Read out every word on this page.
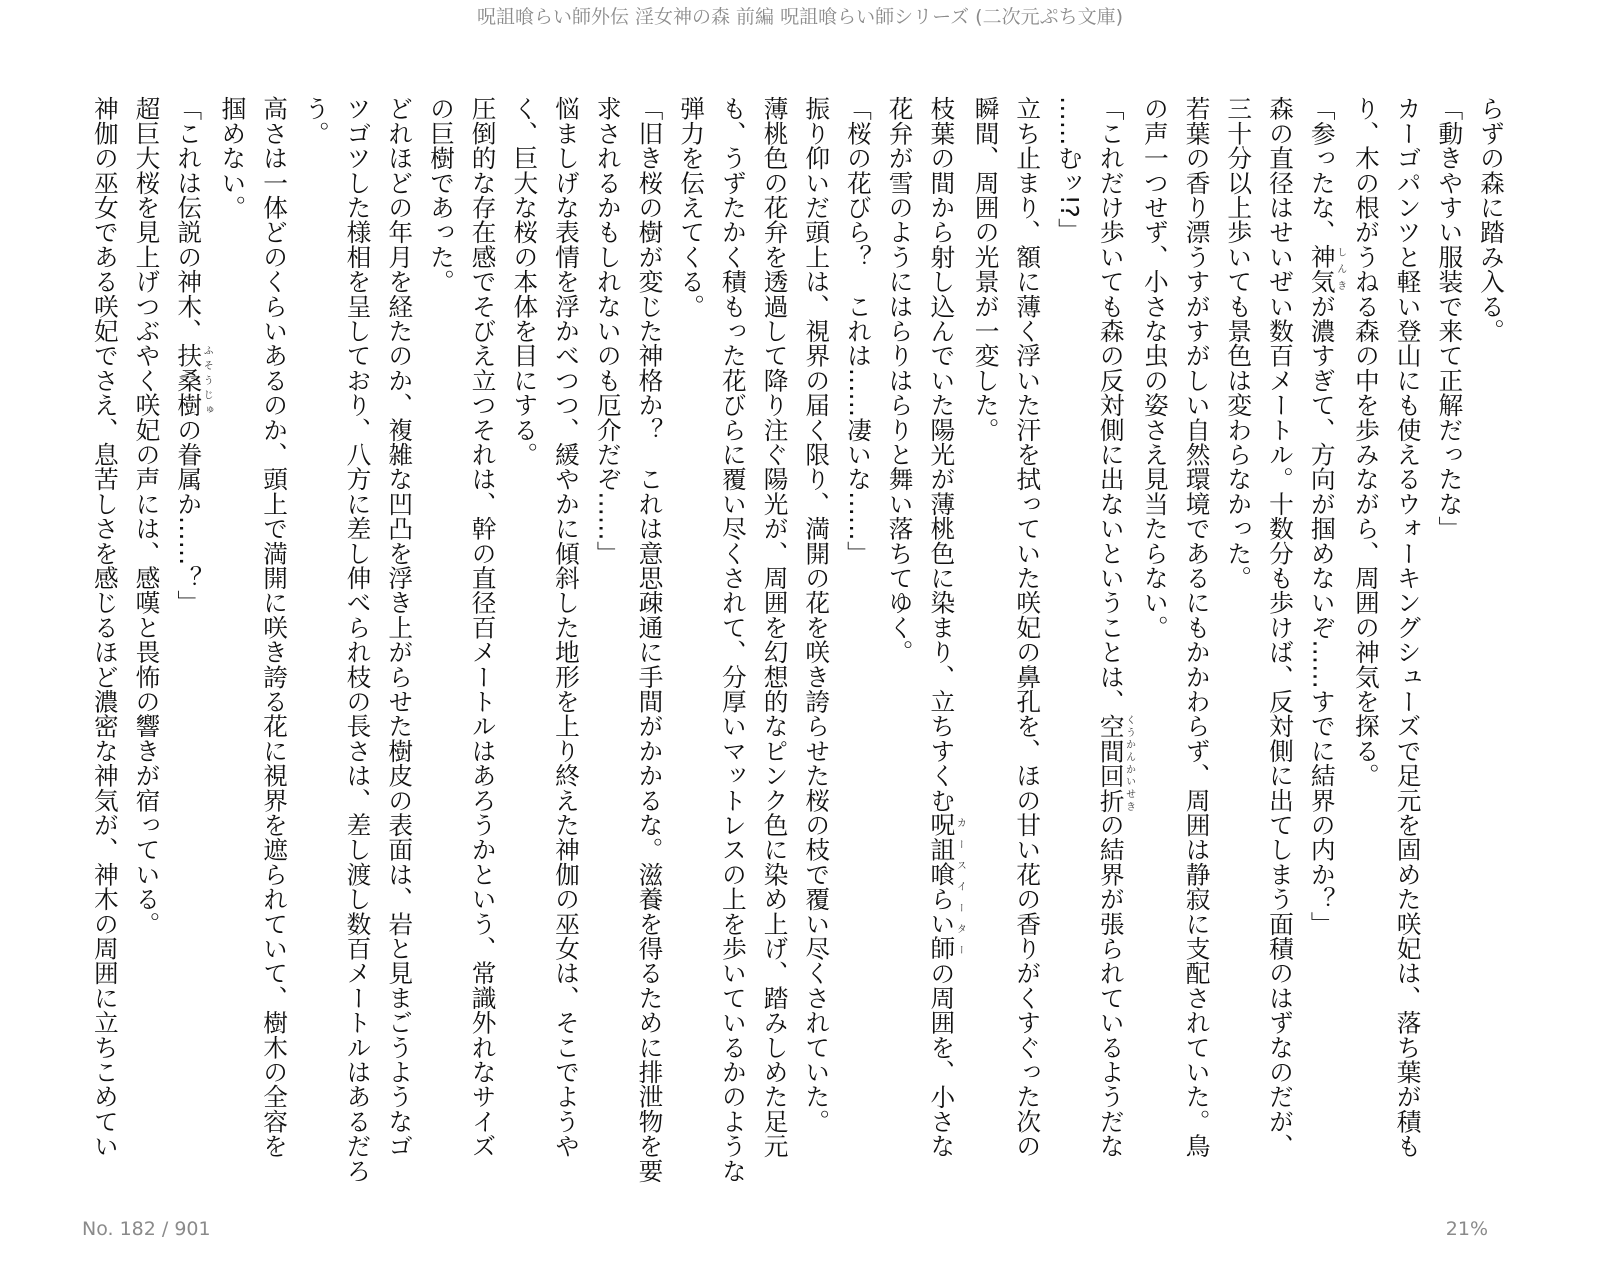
呪詛喰らい師外伝 淫女神の森 前編 呪詛喰らい師シリーズ (二次元ぷち文庫)
らずの森に踏み入る。
「動きやすい服装で来て正解だったな」
カーゴパンツと軽い登山にも使えるウォーキングシューズで足元を固めた咲妃は、落ち葉が積も
り、木の根がうねる森の中を歩みながら、周囲の神気を探る。
「参ったな、神気しんきが濃すぎて、方向が掴めないぞ……すでに結界の内か？」
森の直径はせいぜい数百メートル。十数分も歩けば、反対側に出てしまう面積のはずなのだが、
三十分以上歩いても景色は変わらなかった。
若葉の香り漂うすがすがしい自然環境であるにもかかわらず、周囲は静寂に支配されていた。鳥
の声一つせず、小さな虫の姿さえ見当たらない。
「これだけ歩いても森の反対側に出ないということは、空間回折くうかんかいせきの結界が張られているようだな
……むッ!?」
立ち止まり、額に薄く浮いた汗を拭っていた咲妃の鼻孔を、ほの甘い花の香りがくすぐった次の
瞬間、周囲の光景が一変した。
枝葉の間から射し込んでいた陽光が薄桃色に染まり、立ちすくむ呪詛喰らい師カースイーターの周囲を、小さな
花弁が雪のようにはらりはらりと舞い落ちてゆく。
「桜の花びら？　これは……凄いな……」
振り仰いだ頭上は、視界の届く限り、満開の花を咲き誇らせた桜の枝で覆い尽くされていた。
薄桃色の花弁を透過して降り注ぐ陽光が、周囲を幻想的なピンク色に染め上げ、踏みしめた足元
も、うずたかく積もった花びらに覆い尽くされて、分厚いマットレスの上を歩いているかのような
弾力を伝えてくる。
「旧き桜の樹が変じた神格か？　これは意思疎通に手間がかかるな。滋養を得るために排泄物を要
求されるかもしれないのも厄介だぞ……」
悩ましげな表情を浮かべつつ、緩やかに傾斜した地形を上り終えた神伽の巫女は、そこでようや
く、巨大な桜の本体を目にする。
圧倒的な存在感でそびえ立つそれは、幹の直径百メートルはあろうかという、常識外れなサイズ
の巨樹であった。
どれほどの年月を経たのか、複雑な凹凸を浮き上がらせた樹皮の表面は、岩と見まごうようなゴ
ツゴツした様相を呈しており、八方に差し伸べられ枝の長さは、差し渡し数百メートルはあるだろ
う。
高さは一体どのくらいあるのか、頭上で満開に咲き誇る花に視界を遮られていて、樹木の全容を
掴めない。
「これは伝説の神木、扶桑樹ふそうじゅの眷属か……？」
超巨大桜を見上げつぶやく咲妃の声には、感嘆と畏怖の響きが宿っている。
神伽の巫女である咲妃でさえ、息苦しさを感じるほど濃密な神気が、神木の周囲に立ちこめてい
No. 182 / 901	21%
